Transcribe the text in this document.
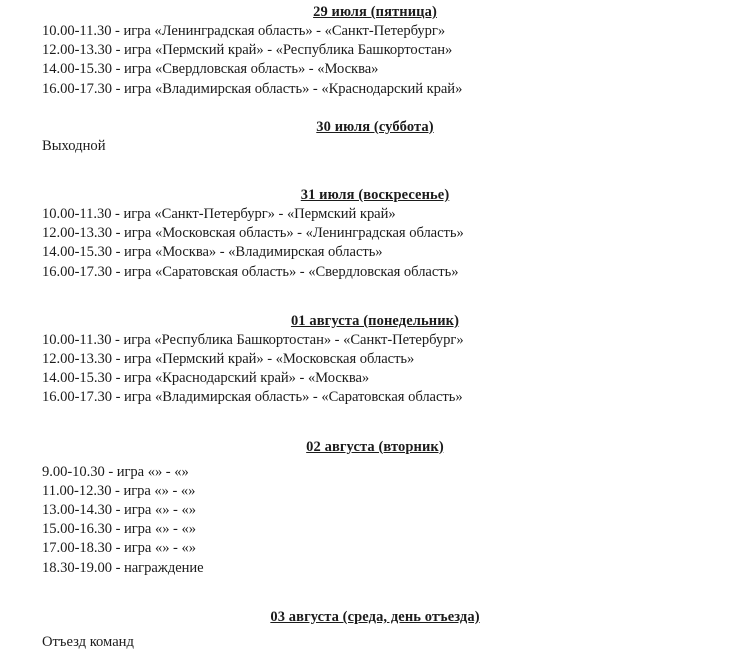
29 июля (пятница)
10.00-11.30 - игра «Ленинградская область» - «Санкт-Петербург»
12.00-13.30 - игра «Пермский край» - «Республика Башкортостан»
14.00-15.30 - игра «Свердловская область» - «Москва»
16.00-17.30 - игра «Владимирская область» - «Краснодарский край»
30 июля (суббота)
Выходной
31 июля (воскресенье)
10.00-11.30 - игра «Санкт-Петербург» - «Пермский край»
12.00-13.30 - игра «Московская область» - «Ленинградская область»
14.00-15.30 - игра «Москва» - «Владимирская область»
16.00-17.30 - игра «Саратовская область» - «Свердловская область»
01 августа (понедельник)
10.00-11.30 - игра «Республика Башкортостан» - «Санкт-Петербург»
12.00-13.30 - игра «Пермский край» - «Московская область»
14.00-15.30 - игра «Краснодарский край» - «Москва»
16.00-17.30 - игра «Владимирская область» - «Саратовская область»
02 августа (вторник)
9.00-10.30 - игра «» - «»
11.00-12.30 - игра «» - «»
13.00-14.30 - игра «» - «»
15.00-16.30 - игра «» - «»
17.00-18.30 - игра «» - «»
18.30-19.00 - награждение
03 августа (среда, день отъезда)
Отъезд команд
